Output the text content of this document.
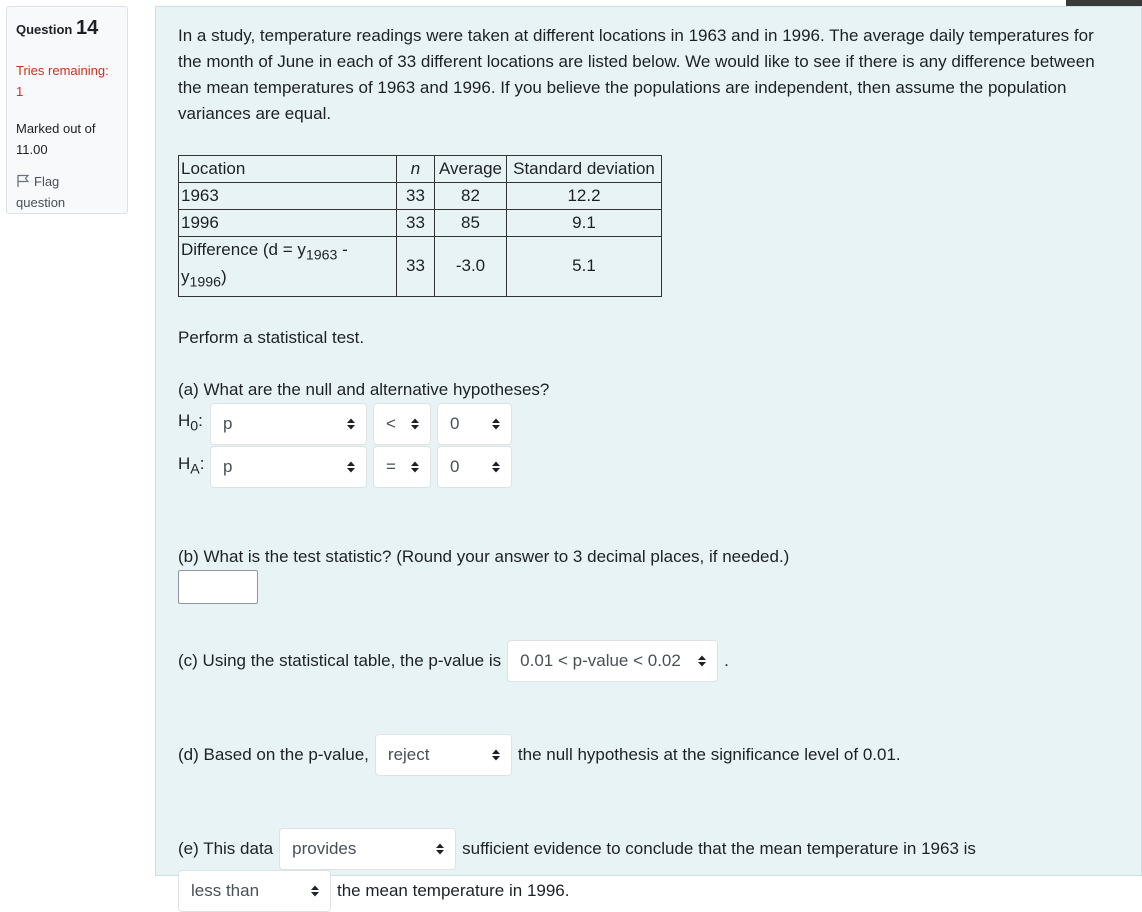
Question 14
Tries remaining:
1
Marked out of
11.00
Flag
question

In a study, temperature readings were taken at different locations in 1963 and in 1996. The average daily temperatures for the month of June in each of 33 different locations are listed below. We would like to see if there is any difference between the mean temperatures of 1963 and 1996. If you believe the populations are independent, then assume the population variances are equal.

Location	n	Average	Standard deviation
1963	33	82	12.2
1996	33	85	9.1
Difference $(d = y_{1963} - y_{1996})$	33	-3.0	5.1

Perform a statistical test.

(a) What are the null and alternative hypotheses?

$H_0$:	p	<	0
$H_A$:	p	=	0

(b) What is the test statistic? (Round your answer to 3 decimal places, if needed.)

(c) Using the statistical table, the p-value is	0.01 < p-value < 0.02	.
(d) Based on the p-value,	reject	the null hypothesis at the significance level of 0.01.
(e) This data	provides	sufficient evidence to conclude that the mean temperature in 1963 is
less than	the mean temperature in 1996.
